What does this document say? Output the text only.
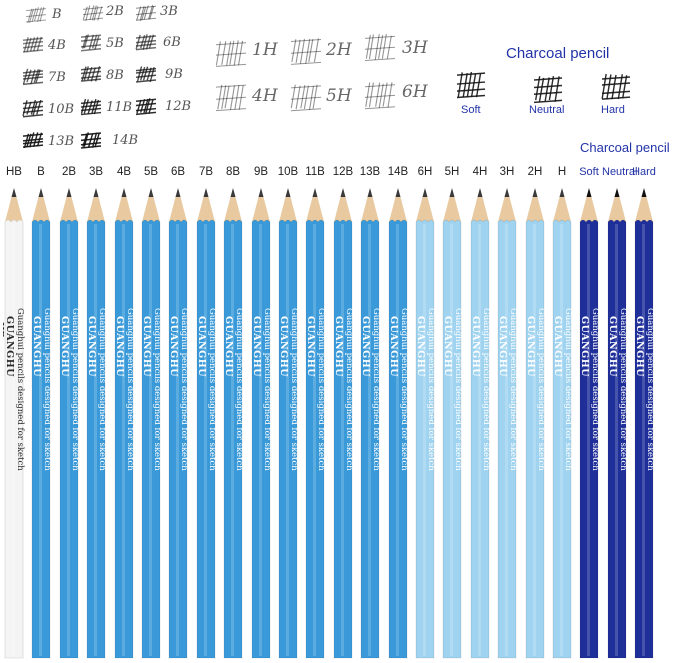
B	2B	3B
4B	5B	6B
7B	8B	9B
10B 11B	12B
13B	14B
1H	2H	3H
4H	5H	6H
Charcoal pencil
Soft	Neutral	Hard
Charcoal pencil
HB	B	2B	3B	4B	5B	6B	7B	8B	9B 10B 11B 12B 13B 14B 6H	5H	4H	3H	2H	H	Soft Neutral
Hard
Guanghui pencils designed for sketch
GUANGHU	Guanghui pencils designed for sketch
GUANGHU	Guanghui pencils designed for sketch
GUANGHU	Guanghui pencils designed for sketch
GUANGHU	Guanghui pencils designed for sketch
GUANGHU	Guanghui pencils designed for sketch
GUANGHU	Guanghui pencils designed for sketch
GUANGHU	Guanghui pencils designed for sketch
GUANGHU	Guanghui pencils designed for sketch
GUANGHU	Guanghui pencils designed for sketch
GUANGHU	Guanghui pencils designed for sketch
GUANGHU	Guanghui pencils designed for sketch
GUANGHU	Guanghui pencils designed for sketch
GUANGHU	Guanghui pencils designed for sketch
GUANGHU	Guanghui pencils designed for sketch
GUANGHU	Guanghui pencils designed for sketch
GUANGHU	Guanghui pencils designed for sketch
GUANGHU	Guanghui pencils designed for sketch
GUANGHU	Guanghui pencils designed for sketch
GUANGHU	Guanghui pencils designed for sketch
GUANGHU	Guanghui pencils designed for sketch
GUANGHU	Guanghui pencils designed for sketch
GUANGHU	Guanghui pencils designed for sketch
GUANGHU	Guanghui pencils designed for sketch
GUANGHU
